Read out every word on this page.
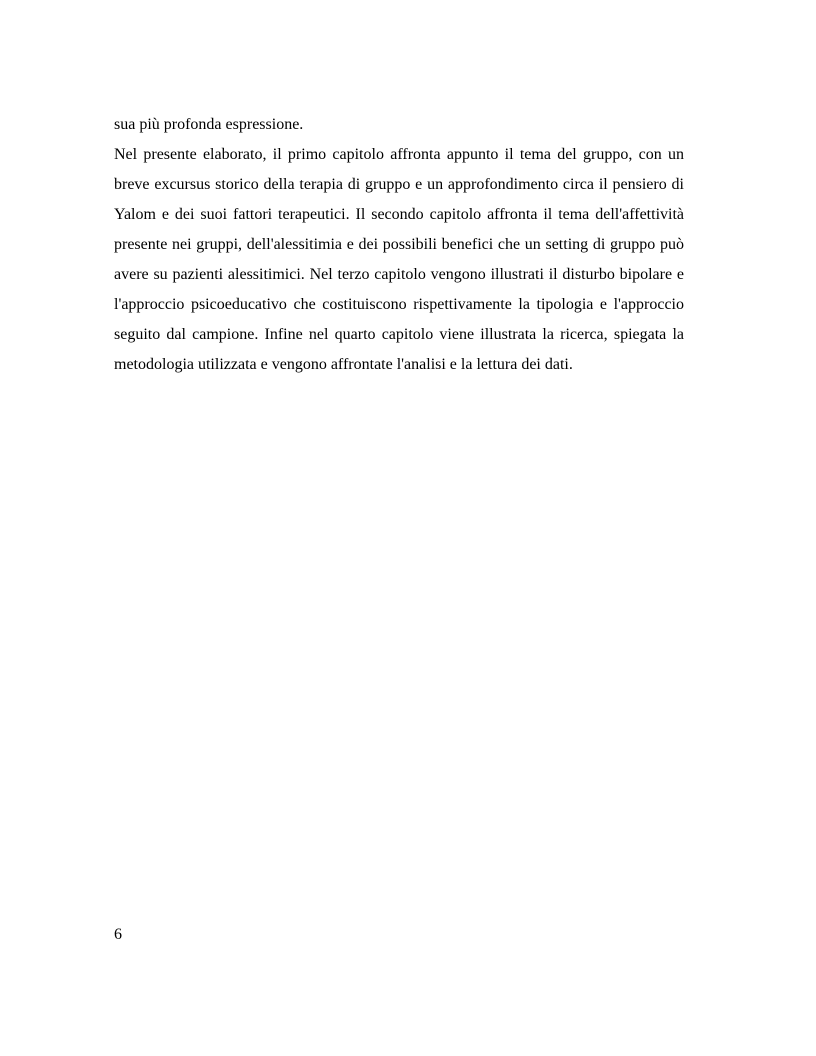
sua più profonda espressione.

Nel presente elaborato, il primo capitolo affronta appunto il tema del gruppo, con un breve excursus storico della terapia di gruppo e un approfondimento circa il pensiero di Yalom e dei suoi fattori terapeutici. Il secondo capitolo affronta il tema dell'affettività presente nei gruppi, dell'alessitimia e dei possibili benefici che un setting di gruppo può avere su pazienti alessitimici. Nel terzo capitolo vengono illustrati il disturbo bipolare e l'approccio psicoeducativo che costituiscono rispettivamente la tipologia e l'approccio seguito dal campione. Infine nel quarto capitolo viene illustrata la ricerca, spiegata la metodologia utilizzata e vengono affrontate l'analisi e la lettura dei dati.

6
